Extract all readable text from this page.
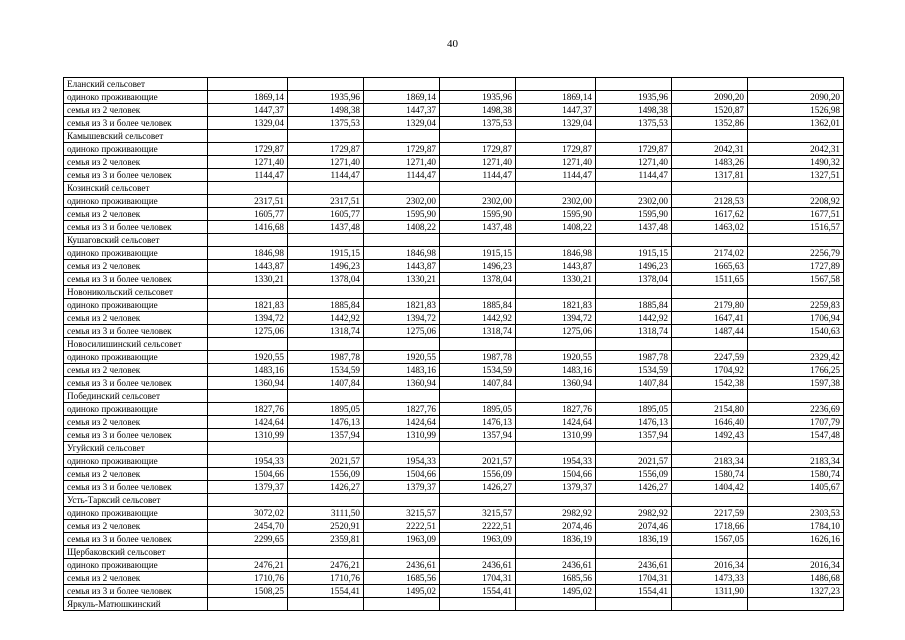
40
Еланский сельсовет								
одиноко проживающие	1869,14	1935,96	1869,14	1935,96	1869,14	1935,96	2090,20	2090,20
семья из 2 человек	1447,37	1498,38	1447,37	1498,38	1447,37	1498,38	1520,87	1526,98
семья из 3 и более человек	1329,04	1375,53	1329,04	1375,53	1329,04	1375,53	1352,86	1362,01
Камышевский сельсовет								
одиноко проживающие	1729,87	1729,87	1729,87	1729,87	1729,87	1729,87	2042,31	2042,31
семья из 2 человек	1271,40	1271,40	1271,40	1271,40	1271,40	1271,40	1483,26	1490,32
семья из 3 и более человек	1144,47	1144,47	1144,47	1144,47	1144,47	1144,47	1317,81	1327,51
Козинский сельсовет								
одиноко проживающие	2317,51	2317,51	2302,00	2302,00	2302,00	2302,00	2128,53	2208,92
семья из 2 человек	1605,77	1605,77	1595,90	1595,90	1595,90	1595,90	1617,62	1677,51
семья из 3 и более человек	1416,68	1437,48	1408,22	1437,48	1408,22	1437,48	1463,02	1516,57
Кушаговский сельсовет								
одиноко проживающие	1846,98	1915,15	1846,98	1915,15	1846,98	1915,15	2174,02	2256,79
семья из 2 человек	1443,87	1496,23	1443,87	1496,23	1443,87	1496,23	1665,63	1727,89
семья из 3 и более человек	1330,21	1378,04	1330,21	1378,04	1330,21	1378,04	1511,65	1567,58
Новоникольский сельсовет								
одиноко проживающие	1821,83	1885,84	1821,83	1885,84	1821,83	1885,84	2179,80	2259,83
семья из 2 человек	1394,72	1442,92	1394,72	1442,92	1394,72	1442,92	1647,41	1706,94
семья из 3 и более человек	1275,06	1318,74	1275,06	1318,74	1275,06	1318,74	1487,44	1540,63
Новосилишинский сельсовет								
одиноко проживающие	1920,55	1987,78	1920,55	1987,78	1920,55	1987,78	2247,59	2329,42
семья из 2 человек	1483,16	1534,59	1483,16	1534,59	1483,16	1534,59	1704,92	1766,25
семья из 3 и более человек	1360,94	1407,84	1360,94	1407,84	1360,94	1407,84	1542,38	1597,38
Побединский сельсовет								
одиноко проживающие	1827,76	1895,05	1827,76	1895,05	1827,76	1895,05	2154,80	2236,69
семья из 2 человек	1424,64	1476,13	1424,64	1476,13	1424,64	1476,13	1646,40	1707,79
семья из 3 и более человек	1310,99	1357,94	1310,99	1357,94	1310,99	1357,94	1492,43	1547,48
Угуйский сельсовет								
одиноко проживающие	1954,33	2021,57	1954,33	2021,57	1954,33	2021,57	2183,34	2183,34
семья из 2 человек	1504,66	1556,09	1504,66	1556,09	1504,66	1556,09	1580,74	1580,74
семья из 3 и более человек	1379,37	1426,27	1379,37	1426,27	1379,37	1426,27	1404,42	1405,67
Усть-Тарксий сельсовет								
одиноко проживающие	3072,02	3111,50	3215,57	3215,57	2982,92	2982,92	2217,59	2303,53
семья из 2 человек	2454,70	2520,91	2222,51	2222,51	2074,46	2074,46	1718,66	1784,10
семья из 3 и более человек	2299,65	2359,81	1963,09	1963,09	1836,19	1836,19	1567,05	1626,16
Щербаковский сельсовет								
одиноко проживающие	2476,21	2476,21	2436,61	2436,61	2436,61	2436,61	2016,34	2016,34
семья из 2 человек	1710,76	1710,76	1685,56	1704,31	1685,56	1704,31	1473,33	1486,68
семья из 3 и более человек	1508,25	1554,41	1495,02	1554,41	1495,02	1554,41	1311,90	1327,23
Яркуль-Матюшкинский								
